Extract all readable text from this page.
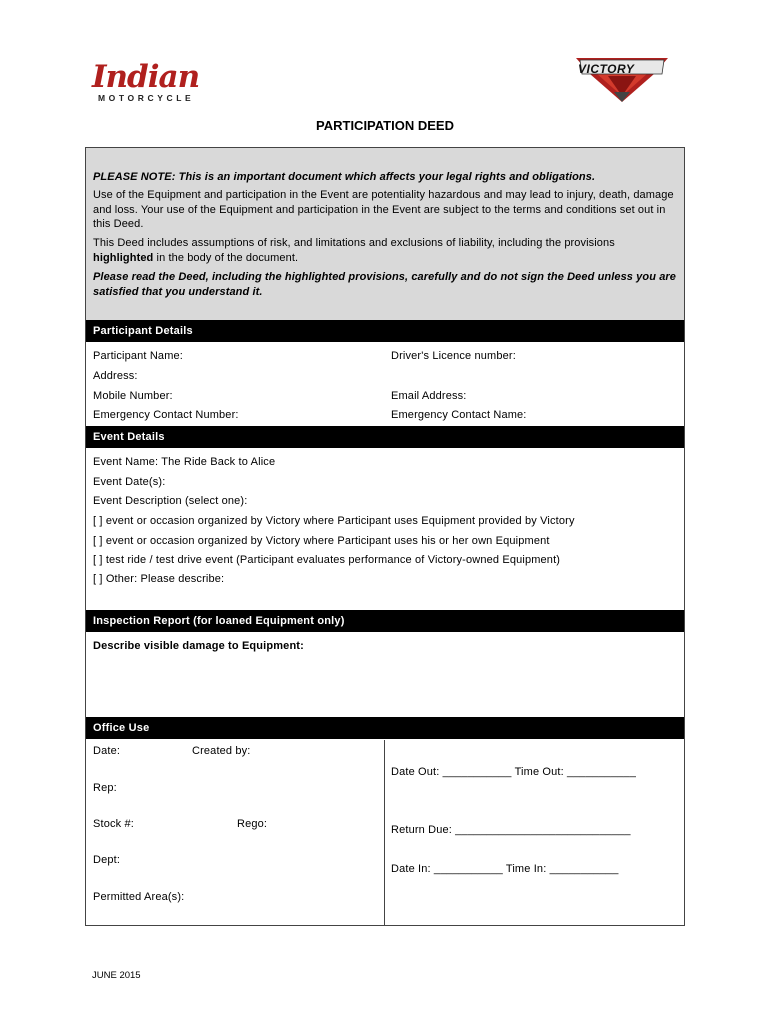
Indian
MOTORCYCLE
VICTORY
PARTICIPATION DEED

PLEASE NOTE: This is an important document which affects your legal rights and obligations.

Use of the Equipment and participation in the Event are potentiality hazardous and may lead to injury, death, damage and loss. Your use of the Equipment and participation in the Event are subject to the terms and conditions set out in this Deed.

This Deed includes assumptions of risk, and limitations and exclusions of liability, including the provisions highlighted in the body of the document.

Please read the Deed, including the highlighted provisions, carefully and do not sign the Deed unless you are satisfied that you understand it.

Participant Details
Participant Name:	Driver's Licence number:
Address:
Mobile Number:	Email Address:
Emergency Contact Number:	Emergency Contact Name:
Event Details
Event Name: The Ride Back to Alice
Event Date(s):
Event Description (select one):
[ ] event or occasion organized by Victory where Participant uses Equipment provided by Victory
[ ] event or occasion organized by Victory where Participant uses his or her own Equipment
[ ] test ride / test drive event (Participant evaluates performance of Victory-owned Equipment)
[ ] Other: Please describe:
Inspection Report (for loaned Equipment only)
Describe visible damage to Equipment:
Office Use
Date:	Created by:
Rep:
Stock #:	Rego:
Dept:
Permitted Area(s):
Date Out: ___________ Time Out: ___________
Return Due: ____________________________
Date In: ___________ Time In: ___________
JUNE 2015
